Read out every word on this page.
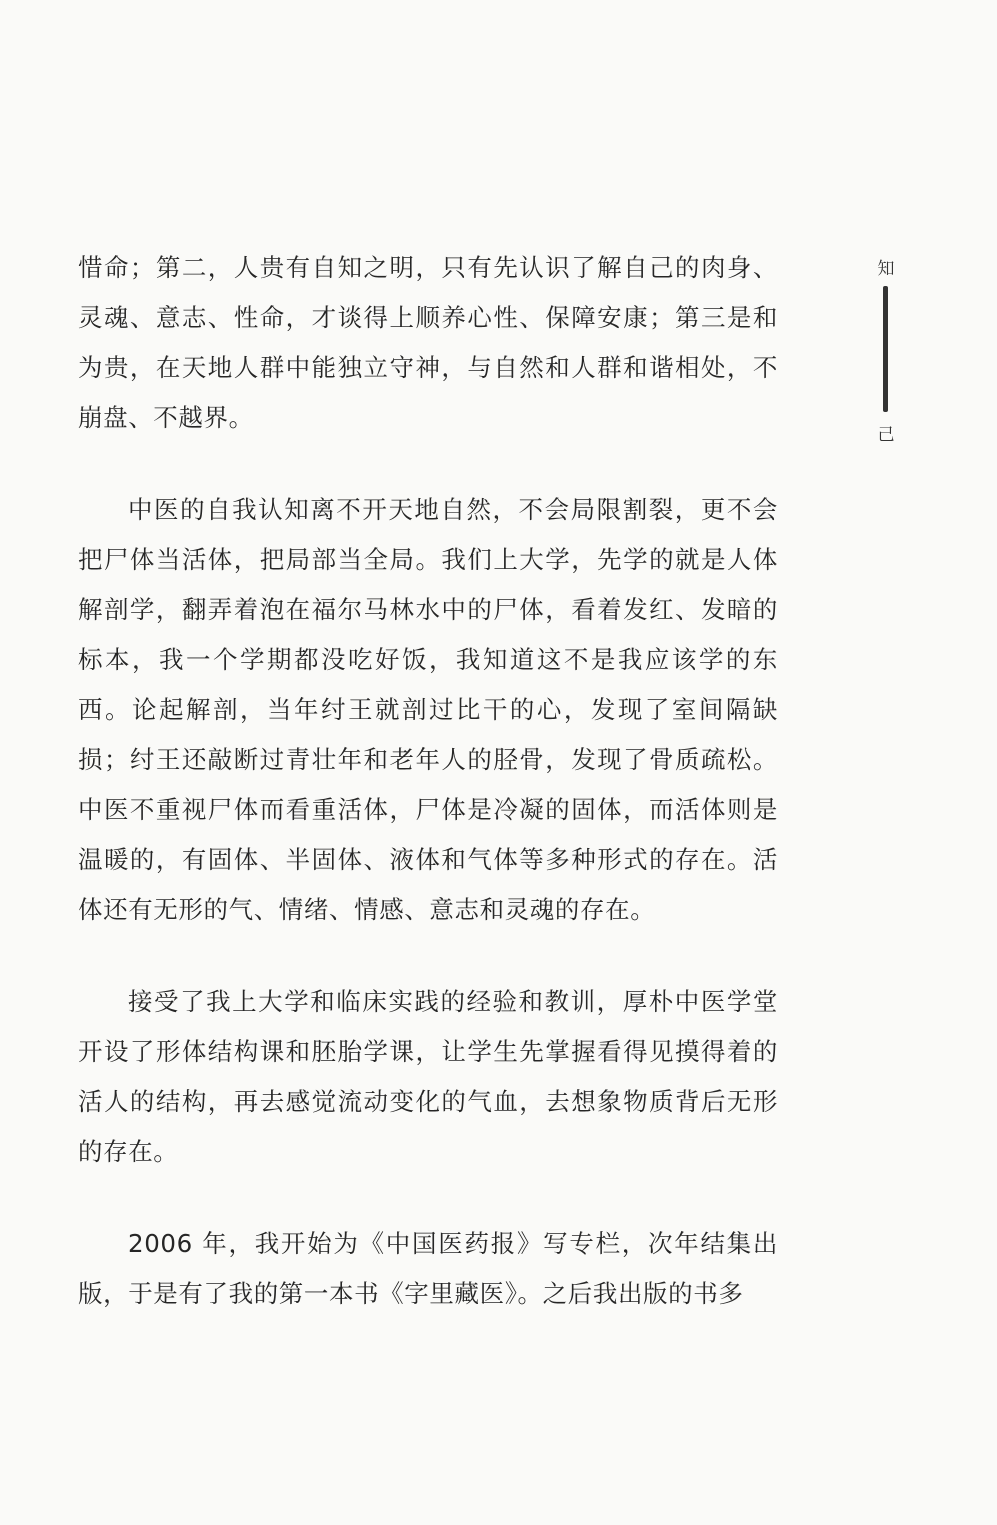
惜命；第二，人贵有自知之明，只有先认识了解自己的肉身、灵魂、意志、性命，才谈得上顺养心性、保障安康；第三是和为贵，在天地人群中能独立守神，与自然和人群和谐相处，不崩盘、不越界。

中医的自我认知离不开天地自然，不会局限割裂，更不会把尸体当活体，把局部当全局。我们上大学，先学的就是人体解剖学，翻弄着泡在福尔马林水中的尸体，看着发红、发暗的标本，我一个学期都没吃好饭，我知道这不是我应该学的东西。论起解剖，当年纣王就剖过比干的心，发现了室间隔缺损；纣王还敲断过青壮年和老年人的胫骨，发现了骨质疏松。中医不重视尸体而看重活体，尸体是冷凝的固体，而活体则是温暖的，有固体、半固体、液体和气体等多种形式的存在。活体还有无形的气、情绪、情感、意志和灵魂的存在。

接受了我上大学和临床实践的经验和教训，厚朴中医学堂开设了形体结构课和胚胎学课，让学生先掌握看得见摸得着的活人的结构，再去感觉流动变化的气血，去想象物质背后无形的存在。

2006 年，我开始为《中国医药报》写专栏，次年结集出版，于是有了我的第一本书《字里藏医》。之后我出版的书多

知
己
